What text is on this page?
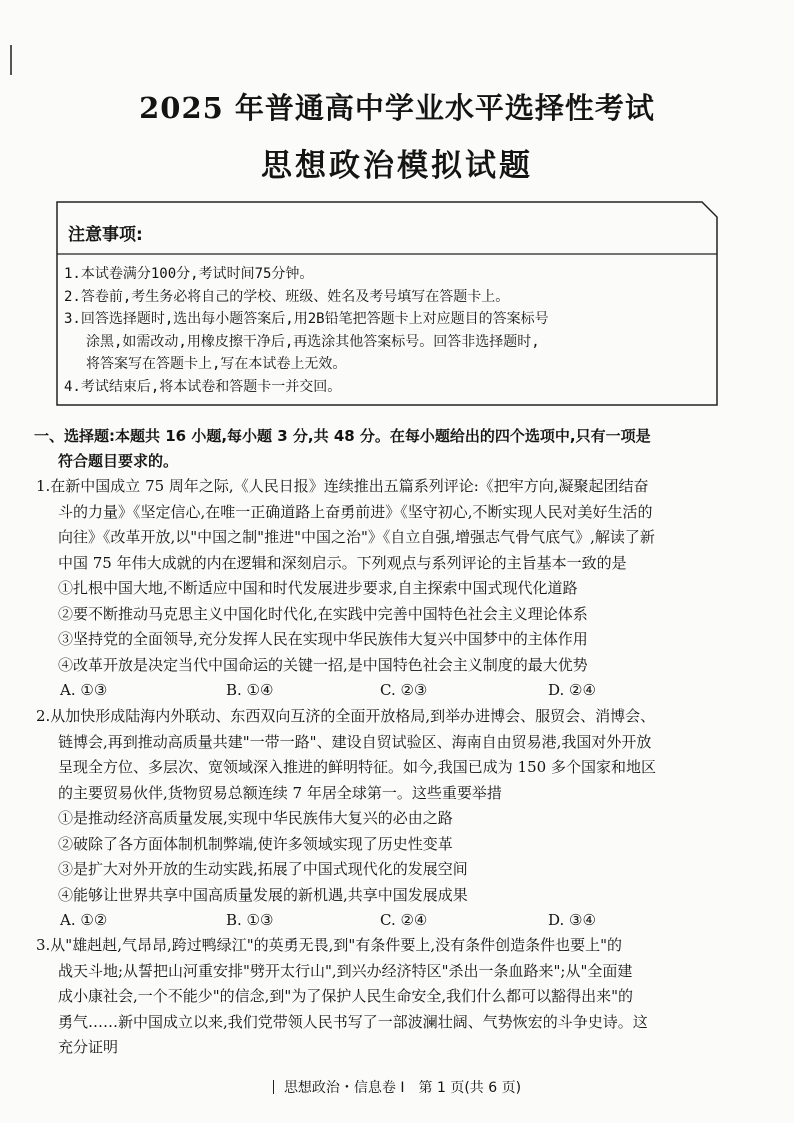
2025 年普通高中学业水平选择性考试
思想政治模拟试题
注意事项:
1.本试卷满分100分,考试时间75分钟。
2.答卷前,考生务必将自己的学校、班级、姓名及考号填写在答题卡上。
3.回答选择题时,选出每小题答案后,用2B铅笔把答题卡上对应题目的答案标号
涂黑,如需改动,用橡皮擦干净后,再选涂其他答案标号。回答非选择题时,
将答案写在答题卡上,写在本试卷上无效。
4.考试结束后,将本试卷和答题卡一并交回。
一、选择题:本题共 16 小题,每小题 3 分,共 48 分。在每小题给出的四个选项中,只有一项是
符合题目要求的。
1.在新中国成立 75 周年之际,《人民日报》连续推出五篇系列评论:《把牢方向,凝聚起团结奋
斗的力量》《坚定信心,在唯一正确道路上奋勇前进》《坚守初心,不断实现人民对美好生活的
向往》《改革开放,以"中国之制"推进"中国之治"》《自立自强,增强志气骨气底气》,解读了新
中国 75 年伟大成就的内在逻辑和深刻启示。下列观点与系列评论的主旨基本一致的是
①扎根中国大地,不断适应中国和时代发展进步要求,自主探索中国式现代化道路
②要不断推动马克思主义中国化时代化,在实践中完善中国特色社会主义理论体系
③坚持党的全面领导,充分发挥人民在实现中华民族伟大复兴中国梦中的主体作用
④改革开放是决定当代中国命运的关键一招,是中国特色社会主义制度的最大优势
A. ①③	B. ①④	C. ②③	D. ②④
2.从加快形成陆海内外联动、东西双向互济的全面开放格局,到举办进博会、服贸会、消博会、
链博会,再到推动高质量共建"一带一路"、建设自贸试验区、海南自由贸易港,我国对外开放
呈现全方位、多层次、宽领域深入推进的鲜明特征。如今,我国已成为 150 多个国家和地区
的主要贸易伙伴,货物贸易总额连续 7 年居全球第一。这些重要举措
①是推动经济高质量发展,实现中华民族伟大复兴的必由之路
②破除了各方面体制机制弊端,使许多领域实现了历史性变革
③是扩大对外开放的生动实践,拓展了中国式现代化的发展空间
④能够让世界共享中国高质量发展的新机遇,共享中国发展成果
A. ①②	B. ①③	C. ②④	D. ③④
3.从"雄赳赳,气昂昂,跨过鸭绿江"的英勇无畏,到"有条件要上,没有条件创造条件也要上"的
战天斗地;从誓把山河重安排"劈开太行山",到兴办经济特区"杀出一条血路来";从"全面建
成小康社会,一个不能少"的信念,到"为了保护人民生命安全,我们什么都可以豁得出来"的
勇气……新中国成立以来,我们党带领人民书写了一部波澜壮阔、气势恢宏的斗争史诗。这
充分证明
思想政治・信息卷 Ⅰ　第 1 页(共 6 页)
